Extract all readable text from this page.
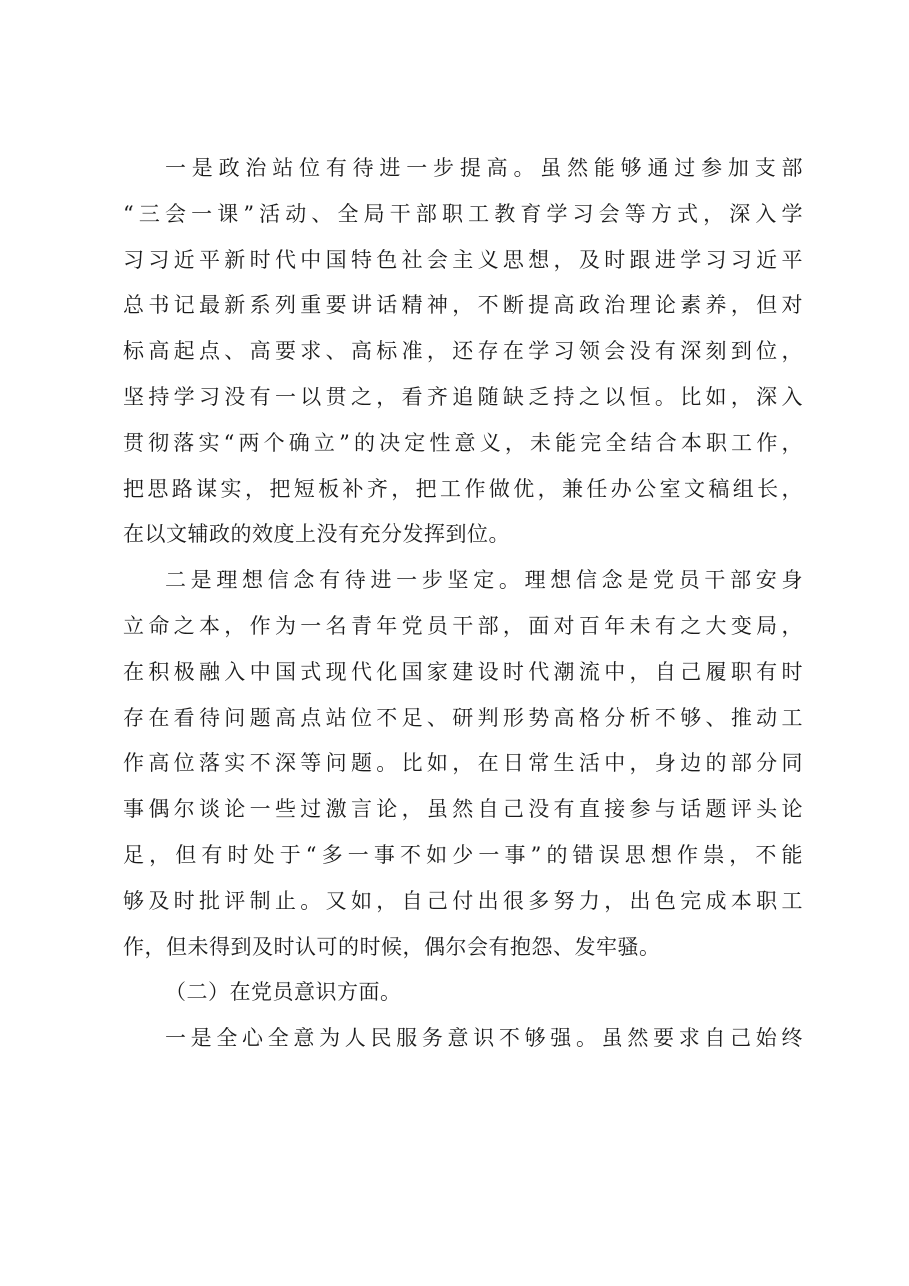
一是政治站位有待进一步提高。虽然能够通过参加支部
“三会一课”活动、全局干部职工教育学习会等方式，深入学
习习近平新时代中国特色社会主义思想，及时跟进学习习近平
总书记最新系列重要讲话精神，不断提高政治理论素养，但对
标高起点、高要求、高标准，还存在学习领会没有深刻到位，
坚持学习没有一以贯之，看齐追随缺乏持之以恒。比如，深入
贯彻落实“两个确立”的决定性意义，未能完全结合本职工作，
把思路谋实，把短板补齐，把工作做优，兼任办公室文稿组长，
在以文辅政的效度上没有充分发挥到位。
二是理想信念有待进一步坚定。理想信念是党员干部安身
立命之本，作为一名青年党员干部，面对百年未有之大变局，
在积极融入中国式现代化国家建设时代潮流中，自己履职有时
存在看待问题高点站位不足、研判形势高格分析不够、推动工
作高位落实不深等问题。比如，在日常生活中，身边的部分同
事偶尔谈论一些过激言论，虽然自己没有直接参与话题评头论
足，但有时处于“多一事不如少一事”的错误思想作祟，不能
够及时批评制止。又如，自己付出很多努力，出色完成本职工
作，但未得到及时认可的时候，偶尔会有抱怨、发牢骚。
（二）在党员意识方面。
一是全心全意为人民服务意识不够强。虽然要求自己始终
